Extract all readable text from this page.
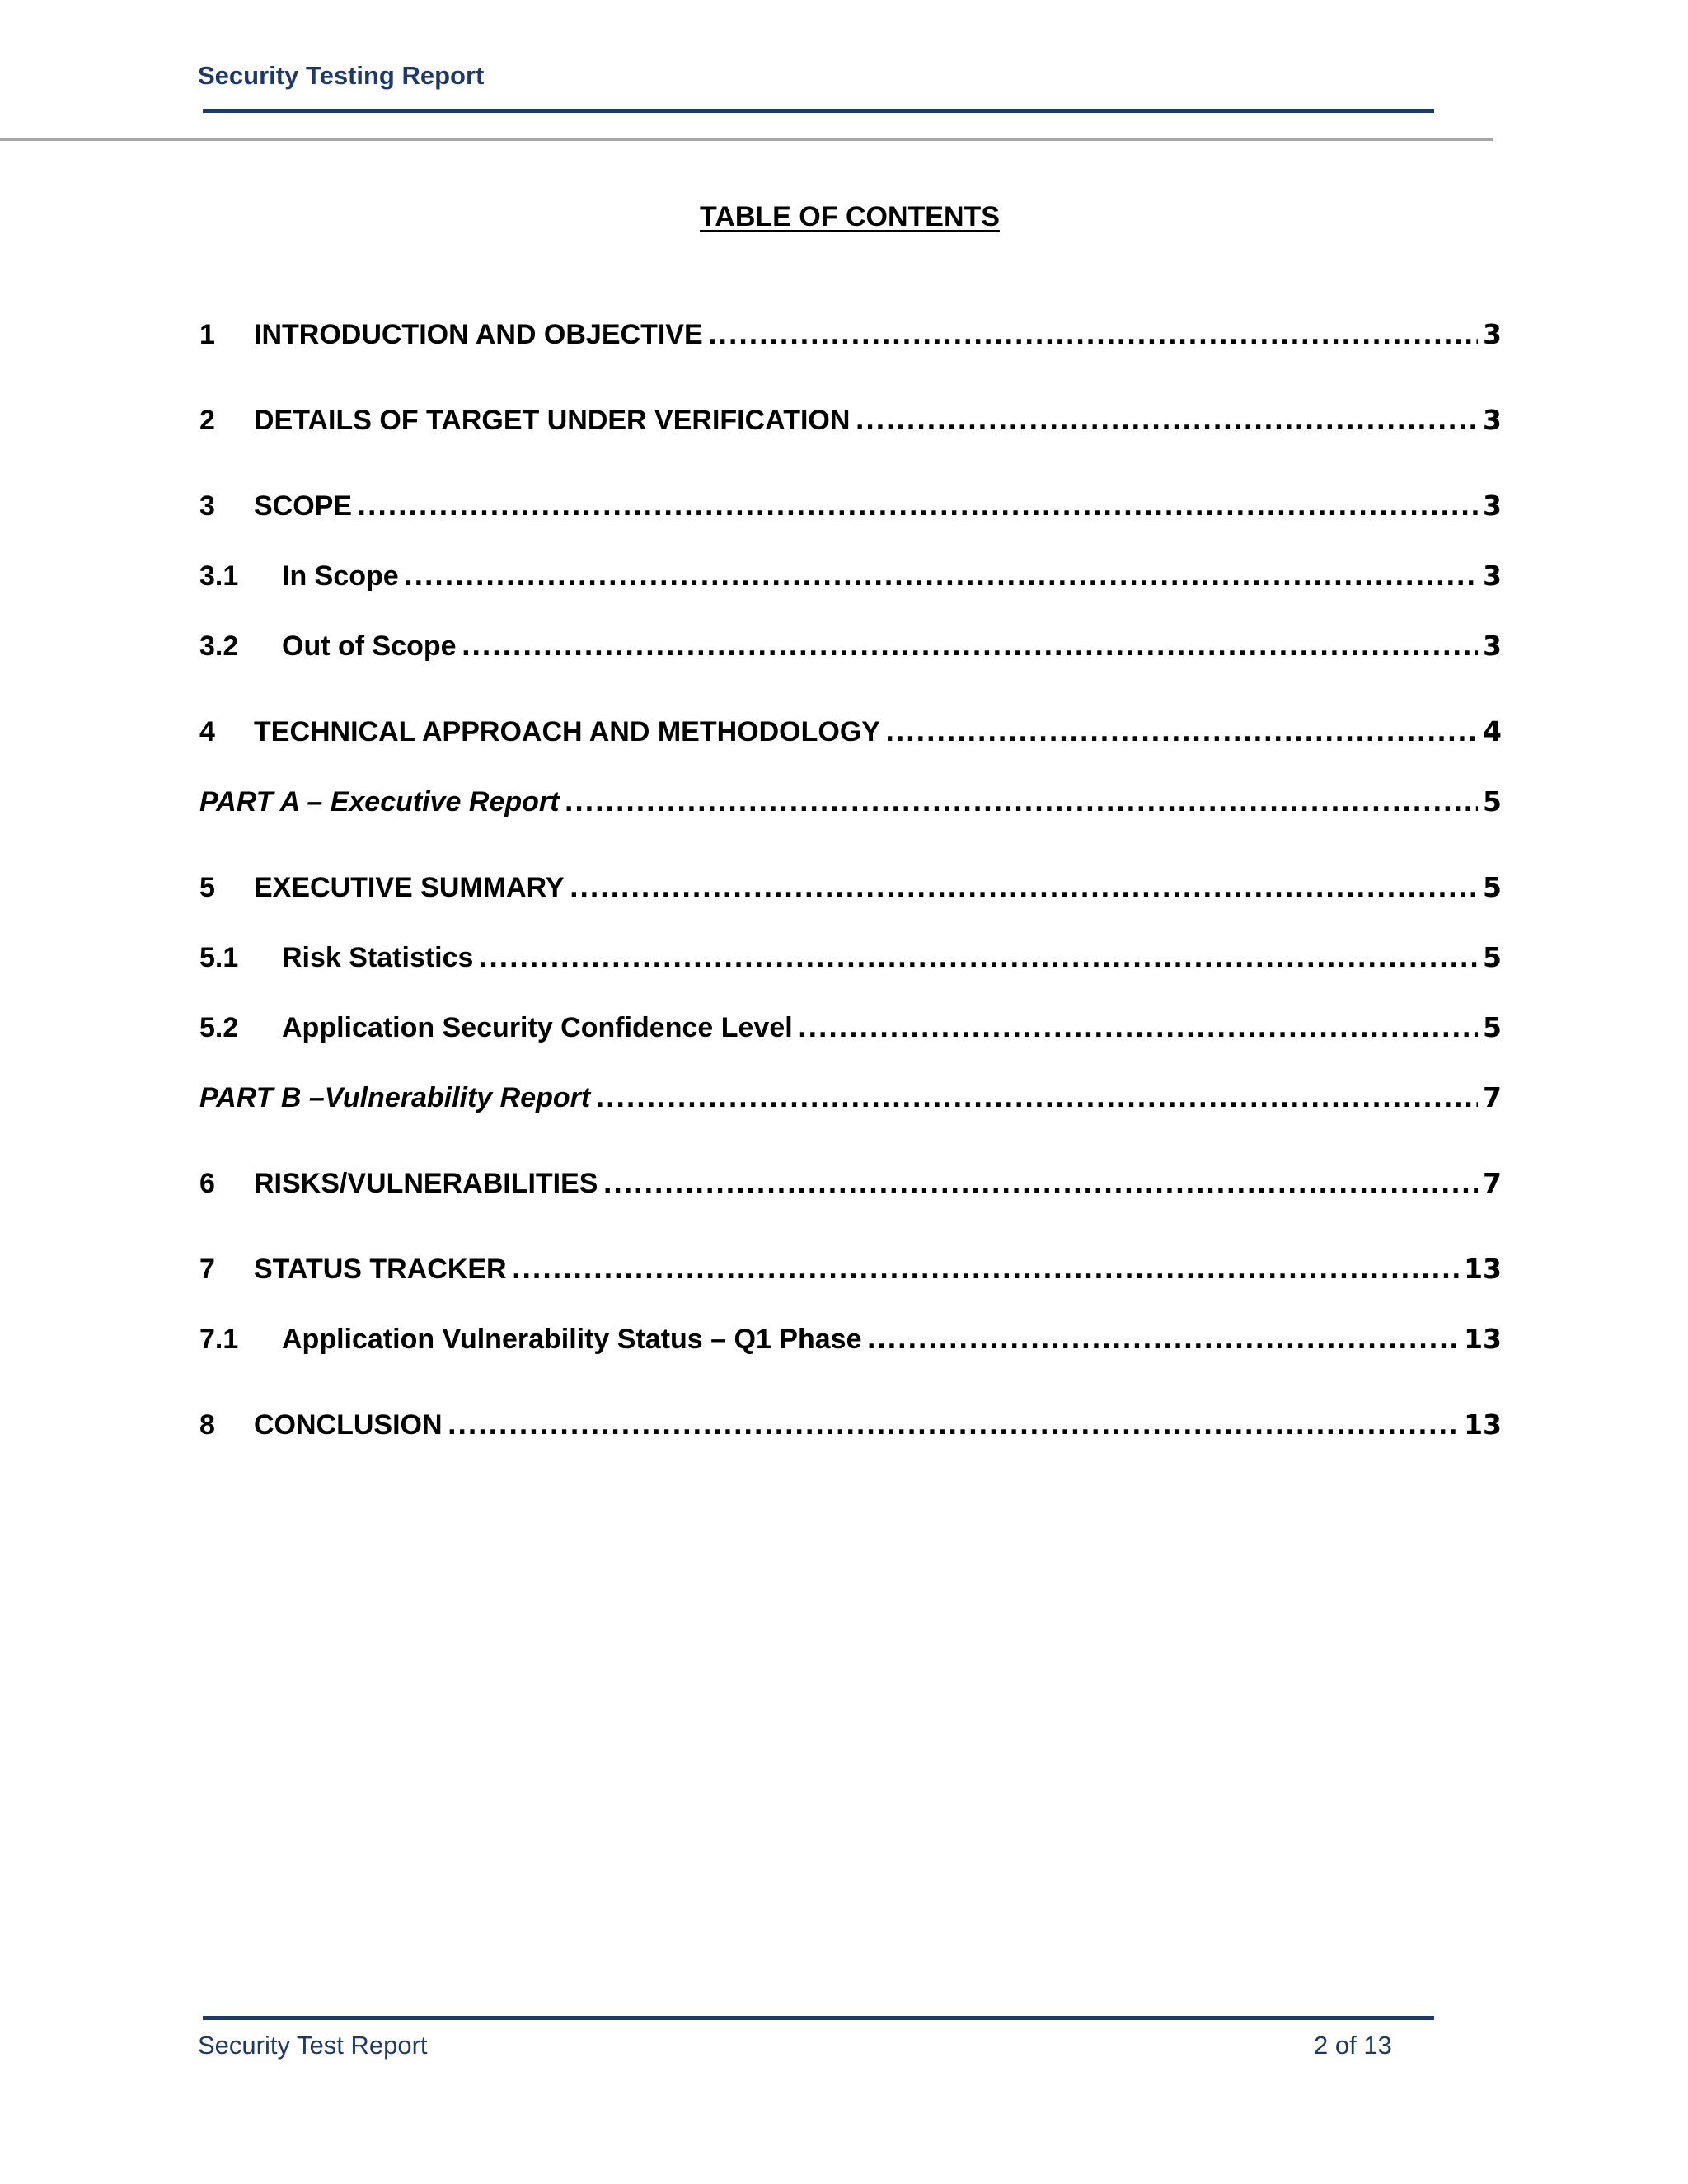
Security Testing Report
TABLE OF CONTENTS
1	INTRODUCTION AND OBJECTIVE .....	3
2	DETAILS OF TARGET UNDER VERIFICATION .....	3
3	SCOPE .....	3
3.1	In Scope .....	3
3.2	Out of Scope .....	3
4	TECHNICAL APPROACH AND METHODOLOGY .....	4
PART A – Executive Report .....	5
5	EXECUTIVE SUMMARY .....	5
5.1	Risk Statistics .....	5
5.2	Application Security Confidence Level .....	5
PART B –Vulnerability Report .....	7
6	RISKS/VULNERABILITIES .....	7
7	STATUS TRACKER .....	13
7.1	Application Vulnerability Status – Q1 Phase .....	13
8	CONCLUSION .....	13
Security Test Report	2 of 13
